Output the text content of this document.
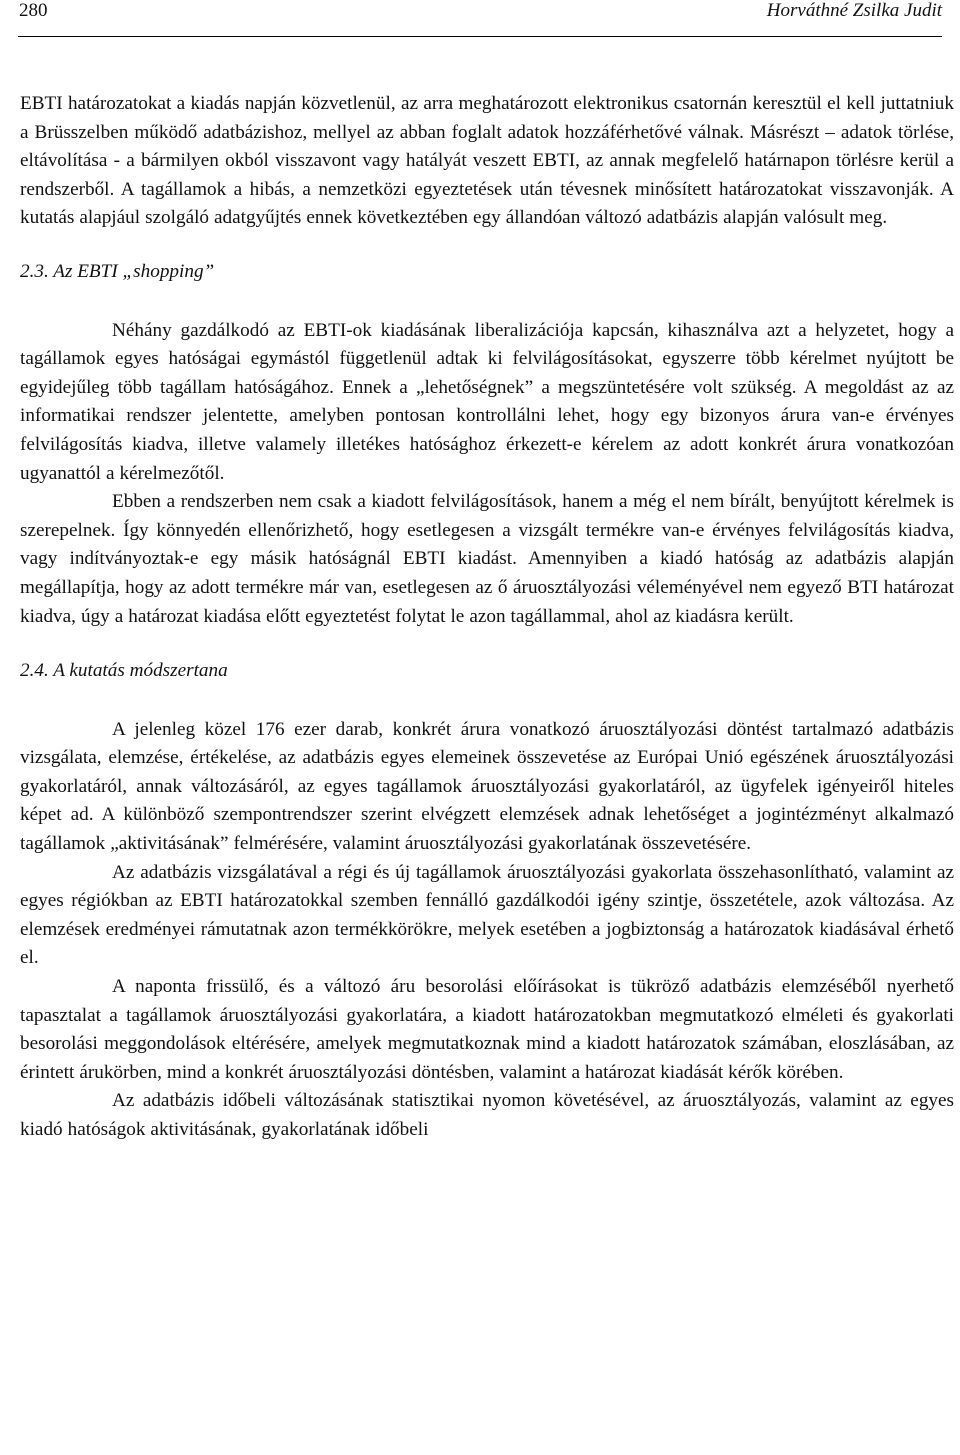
280	Horváthné Zsilka Judit

EBTI határozatokat a kiadás napján közvetlenül, az arra meghatározott elektronikus csatornán keresztül el kell juttatniuk a Brüsszelben működő adatbázishoz, mellyel az abban foglalt adatok hozzáférhetővé válnak. Másrészt – adatok törlése, eltávolítása - a bármilyen okból visszavont vagy hatályát veszett EBTI, az annak megfelelő határnapon törlésre kerül a rendszerből. A tagállamok a hibás, a nemzetközi egyeztetések után tévesnek minősített határozatokat visszavonják. A kutatás alapjául szolgáló adatgyűjtés ennek következtében egy állandóan változó adatbázis alapján valósult meg.

2.3. Az EBTI „shopping”

Néhány gazdálkodó az EBTI-ok kiadásának liberalizációja kapcsán, kihasználva azt a helyzetet, hogy a tagállamok egyes hatóságai egymástól függetlenül adtak ki felvilágosításokat, egyszerre több kérelmet nyújtott be egyidejűleg több tagállam hatóságához. Ennek a „lehetőségnek” a megszüntetésére volt szükség. A megoldást az az informatikai rendszer jelentette, amelyben pontosan kontrollálni lehet, hogy egy bizonyos árura van-e érvényes felvilágosítás kiadva, illetve valamely illetékes hatósághoz érkezett-e kérelem az adott konkrét árura vonatkozóan ugyanattól a kérelmezőtől.

Ebben a rendszerben nem csak a kiadott felvilágosítások, hanem a még el nem bírált, benyújtott kérelmek is szerepelnek. Így könnyedén ellenőrizhető, hogy esetlegesen a vizsgált termékre van-e érvényes felvilágosítás kiadva, vagy indítványoztak-e egy másik hatóságnál EBTI kiadást. Amennyiben a kiadó hatóság az adatbázis alapján megállapítja, hogy az adott termékre már van, esetlegesen az ő áruosztályozási véleményével nem egyező BTI határozat kiadva, úgy a határozat kiadása előtt egyeztetést folytat le azon tagállammal, ahol az kiadásra került.

2.4. A kutatás módszertana

A jelenleg közel 176 ezer darab, konkrét árura vonatkozó áruosztályozási döntést tartalmazó adatbázis vizsgálata, elemzése, értékelése, az adatbázis egyes elemeinek összevetése az Európai Unió egészének áruosztályozási gyakorlatáról, annak változásáról, az egyes tagállamok áruosztályozási gyakorlatáról, az ügyfelek igényeiről hiteles képet ad. A különböző szempontrendszer szerint elvégzett elemzések adnak lehetőséget a jogintézményt alkalmazó tagállamok „aktivitásának” felmérésére, valamint áruosztályozási gyakorlatának összevetésére.

Az adatbázis vizsgálatával a régi és új tagállamok áruosztályozási gyakorlata összehasonlítható, valamint az egyes régiókban az EBTI határozatokkal szemben fennálló gazdálkodói igény szintje, összetétele, azok változása. Az elemzések eredményei rámutatnak azon termékkörökre, melyek esetében a jogbiztonság a határozatok kiadásával érhető el.

A naponta frissülő, és a változó áru besorolási előírásokat is tükröző adatbázis elemzéséből nyerhető tapasztalat a tagállamok áruosztályozási gyakorlatára, a kiadott határozatokban megmutatkozó elméleti és gyakorlati besorolási meggondolások eltérésére, amelyek megmutatkoznak mind a kiadott határozatok számában, eloszlásában, az érintett árukörben, mind a konkrét áruosztályozási döntésben, valamint a határozat kiadását kérők körében.

Az adatbázis időbeli változásának statisztikai nyomon követésével, az áruosztályozás, valamint az egyes kiadó hatóságok aktivitásának, gyakorlatának időbeli
